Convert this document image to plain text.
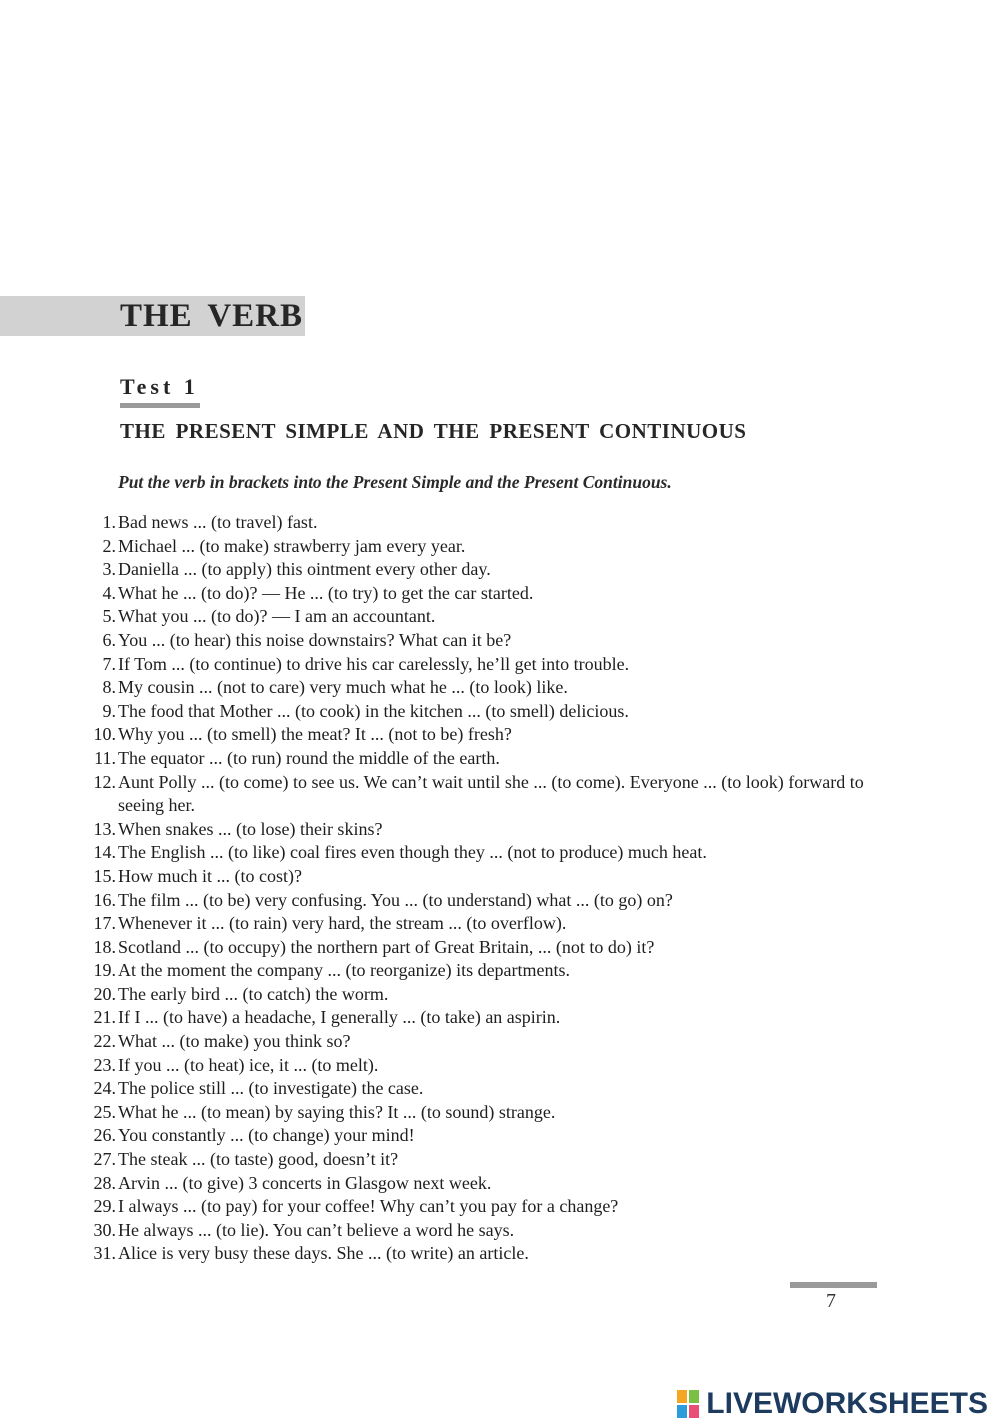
THE VERB
Test 1
THE PRESENT SIMPLE AND THE PRESENT CONTINUOUS
Put the verb in brackets into the Present Simple and the Present Continuous.
1. Bad news ... (to travel) fast.
2. Michael ... (to make) strawberry jam every year.
3. Daniella ... (to apply) this ointment every other day.
4. What he ... (to do)? — He ... (to try) to get the car started.
5. What you ... (to do)? — I am an accountant.
6. You ... (to hear) this noise downstairs? What can it be?
7. If Tom ... (to continue) to drive his car carelessly, he’ll get into trouble.
8. My cousin ... (not to care) very much what he ... (to look) like.
9. The food that Mother ... (to cook) in the kitchen ... (to smell) delicious.
10. Why you ... (to smell) the meat? It ... (not to be) fresh?
11. The equator ... (to run) round the middle of the earth.
12. Aunt Polly ... (to come) to see us. We can’t wait until she ... (to come). Everyone ... (to look) forward to seeing her.
13. When snakes ... (to lose) their skins?
14. The English ... (to like) coal fires even though they ... (not to produce) much heat.
15. How much it ... (to cost)?
16. The film ... (to be) very confusing. You ... (to understand) what ... (to go) on?
17. Whenever it ... (to rain) very hard, the stream ... (to overflow).
18. Scotland ... (to occupy) the northern part of Great Britain, ... (not to do) it?
19. At the moment the company ... (to reorganize) its departments.
20. The early bird ... (to catch) the worm.
21. If I ... (to have) a headache, I generally ... (to take) an aspirin.
22. What ... (to make) you think so?
23. If you ... (to heat) ice, it ... (to melt).
24. The police still ... (to investigate) the case.
25. What he ... (to mean) by saying this? It ... (to sound) strange.
26. You constantly ... (to change) your mind!
27. The steak ... (to taste) good, doesn’t it?
28. Arvin ... (to give) 3 concerts in Glasgow next week.
29. I always ... (to pay) for your coffee! Why can’t you pay for a change?
30. He always ... (to lie). You can’t believe a word he says.
31. Alice is very busy these days. She ... (to write) an article.
7
LIVEWORKSHEETS
